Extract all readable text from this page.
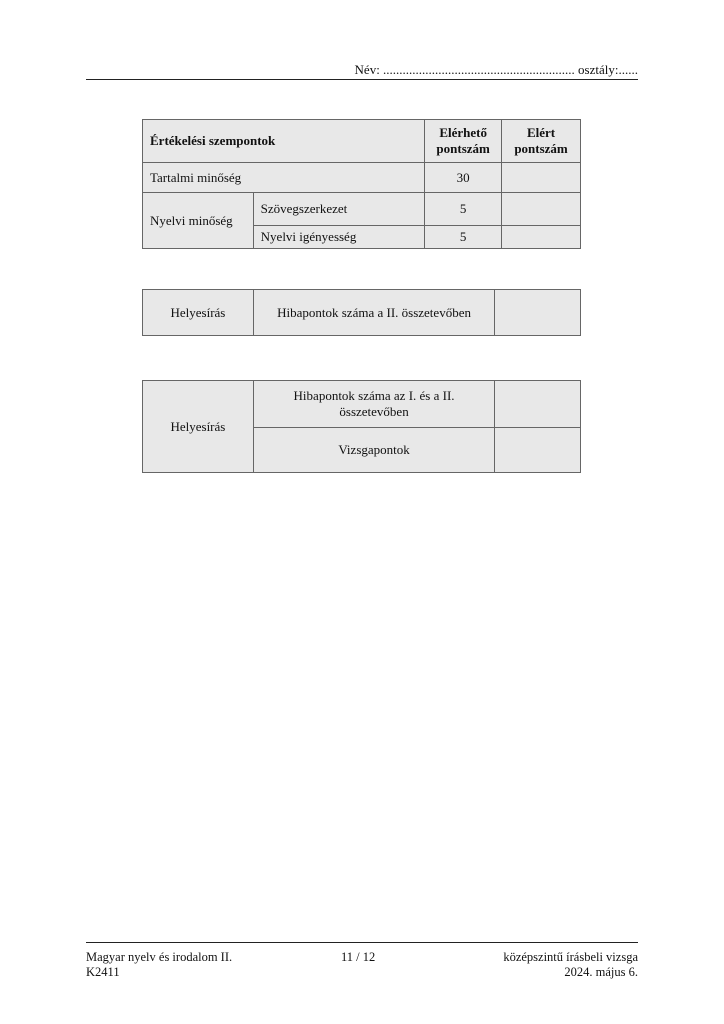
Név: ........................................................... osztály:......
Értékelési szempontok		Elérhető pontszám	Elért pontszám
Tartalmi minőség		30	
Nyelvi minőség	Szövegszerkezet	5	
	Nyelvi igényesség	5	
Helyesírás	Hibapontok száma a II. összetevőben	
Helyesírás	Hibapontok száma az I. és a II. összetevőben	
	Vizsgapontok	
Magyar nyelv és irodalom II.
K2411
11 / 12	középszintű írásbeli vizsga
2024. május 6.
